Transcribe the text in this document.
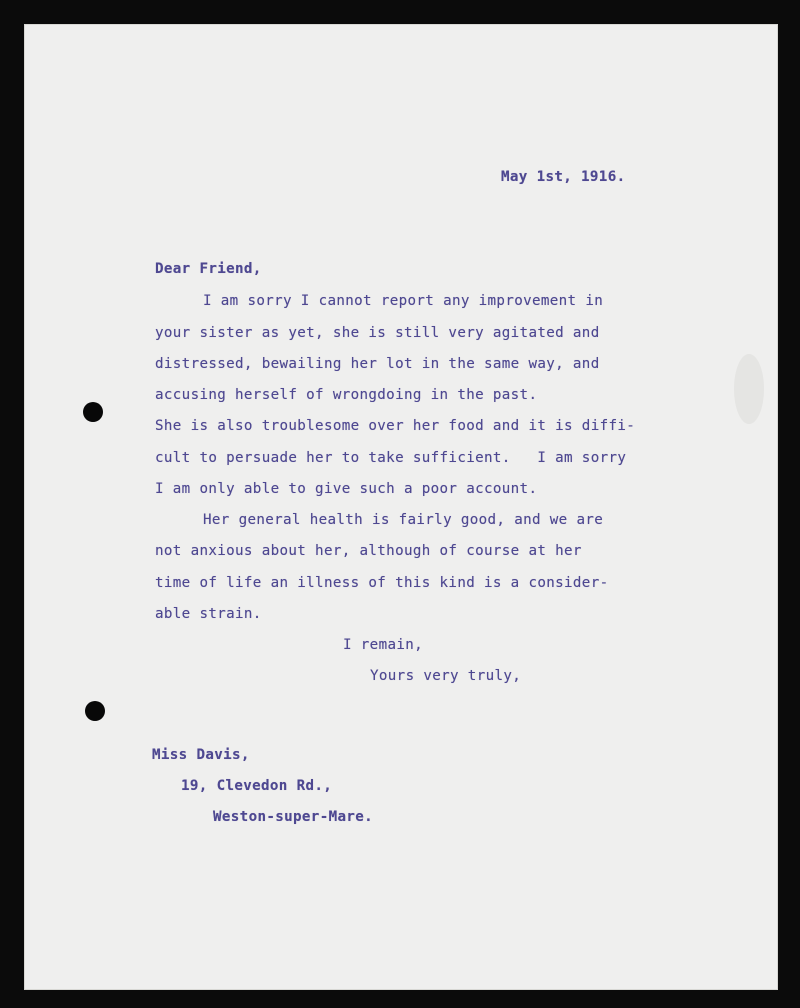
May 1st, 1916.
Dear Friend,
I am sorry I cannot report any improvement in
your sister as yet, she is still very agitated and
distressed, bewailing her lot in the same way, and
accusing herself of wrongdoing in the past.
She is also troublesome over her food and it is diffi-
cult to persuade her to take sufficient.   I am sorry
I am only able to give such a poor account.
Her general health is fairly good, and we are
not anxious about her, although of course at her
time of life an illness of this kind is a consider-
able strain.
I remain,
Yours very truly,
Miss Davis,
19, Clevedon Rd.,
Weston-super-Mare.
